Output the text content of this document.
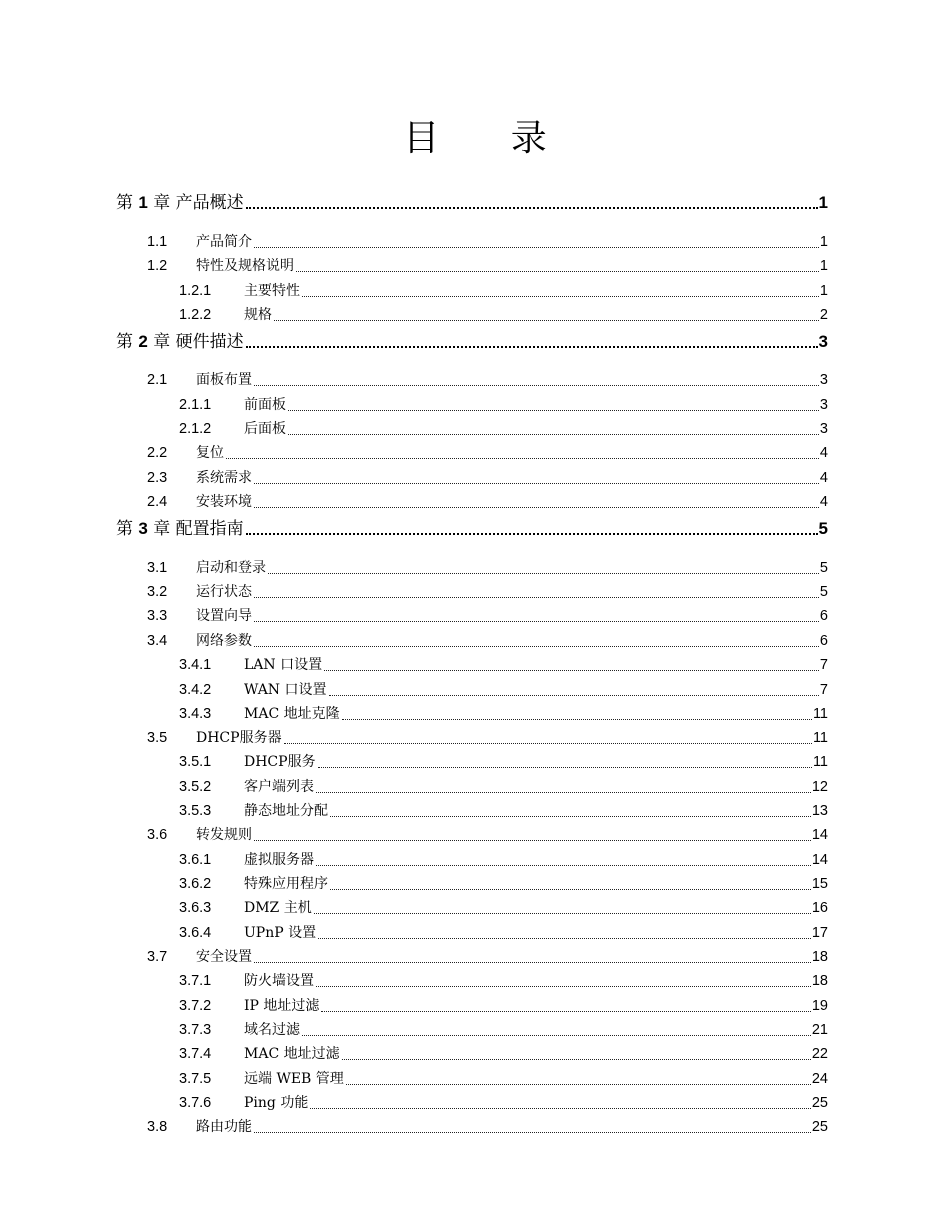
目 录
第 1 章 产品概述	1
1.1	产品简介	1
1.2	特性及规格说明	1
1.2.1	主要特性	1
1.2.2	规格	2
第 2 章 硬件描述	3
2.1	面板布置	3
2.1.1	前面板	3
2.1.2	后面板	3
2.2	复位	4
2.3	系统需求	4
2.4	安装环境	4
第 3 章 配置指南	5
3.1	启动和登录	5
3.2	运行状态	5
3.3	设置向导	6
3.4	网络参数	6
3.4.1	LAN 口设置	7
3.4.2	WAN 口设置	7
3.4.3	MAC 地址克隆	11
3.5	DHCP服务器	11
3.5.1	DHCP服务	11
3.5.2	客户端列表	12
3.5.3	静态地址分配	13
3.6	转发规则	14
3.6.1	虚拟服务器	14
3.6.2	特殊应用程序	15
3.6.3	DMZ 主机	16
3.6.4	UPnP 设置	17
3.7	安全设置	18
3.7.1	防火墙设置	18
3.7.2	IP 地址过滤	19
3.7.3	域名过滤	21
3.7.4	MAC 地址过滤	22
3.7.5	远端 WEB 管理	24
3.7.6	Ping 功能	25
3.8	路由功能	25
